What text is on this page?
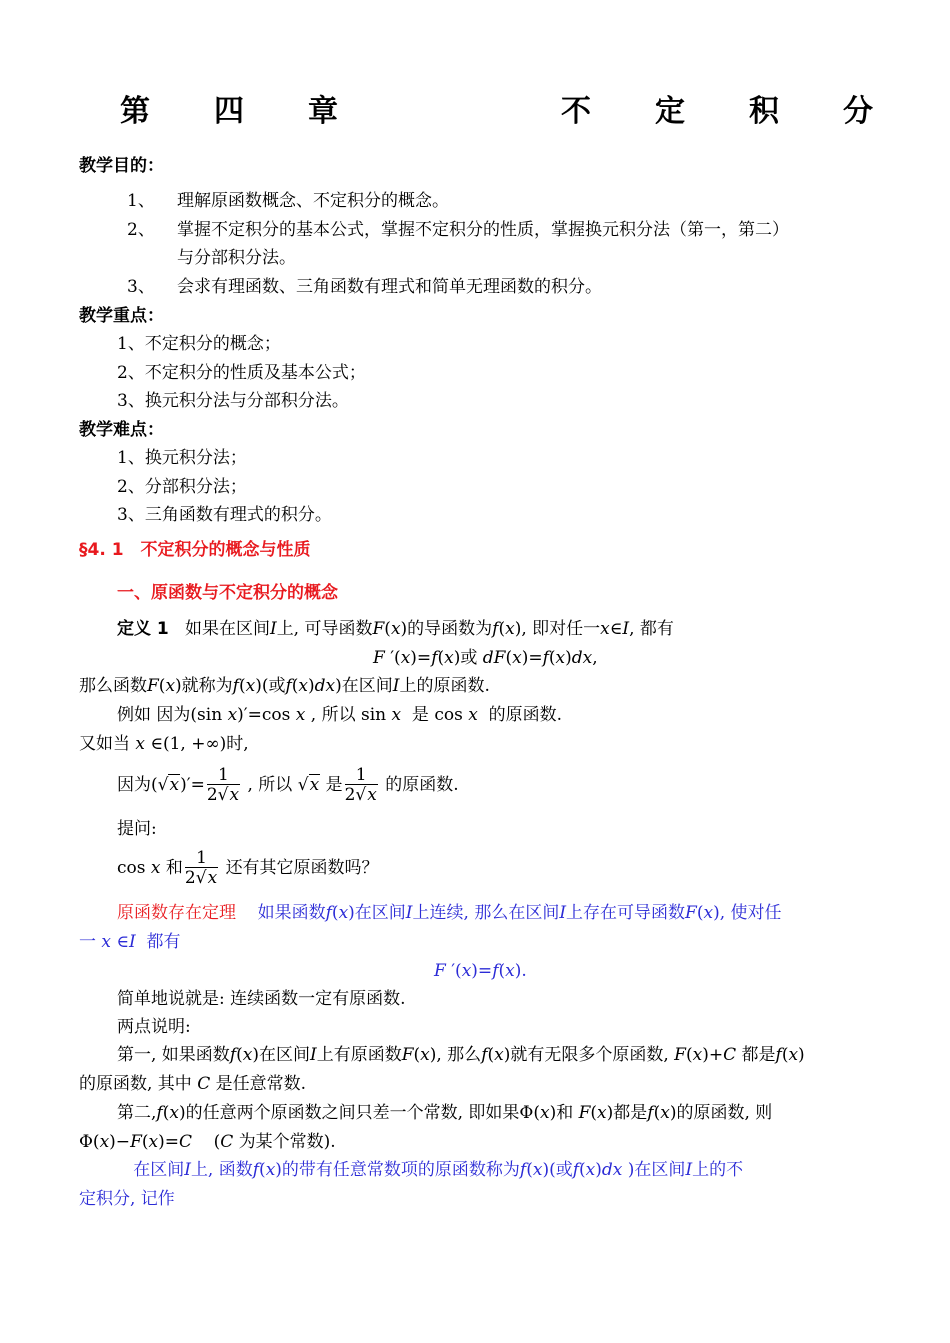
第 四 章	不 定 积 分
教学目的：
1、 理解原函数概念、不定积分的概念。
2、 掌握不定积分的基本公式，掌握不定积分的性质，掌握换元积分法（第一，第二）
与分部积分法。
3、 会求有理函数、三角函数有理式和简单无理函数的积分。
教学重点：
1、不定积分的概念；
2、不定积分的性质及基本公式；
3、换元积分法与分部积分法。
教学难点：
1、换元积分法；
2、分部积分法；
3、三角函数有理式的积分。
§4. 1　不定积分的概念与性质
一、原函数与不定积分的概念
定义 1 如果在区间I上, 可导函数F(x)的导函数为f(x), 即对任一x∈I, 都有
F ′(x)=f(x)或 dF(x)=f(x)dx,
那么函数F(x)就称为f(x)(或f(x)dx)在区间I上的原函数.
例如 因为(sin x)′=cos x , 所以 sin x 是 cos x 的原函数.
又如当 x ∈(1, +∞)时,
因为$(√x)'= \frac{1}{2√x}$ , 所以 √x 是 $\frac{1}{2√x}$ 的原函数.
提问:
cos x 和 $\frac{1}{2√x}$ 还有其它原函数吗？
原函数存在定理 如果函数f(x)在区间I上连续, 那么在区间I上存在可导函数F(x), 使对任
一 x ∈I 都有
F ′(x)=f(x).
简单地说就是: 连续函数一定有原函数.
两点说明:
第一, 如果函数f(x)在区间I上有原函数F(x), 那么f(x)就有无限多个原函数, F(x)+C 都是f(x)
的原函数, 其中 C 是任意常数.
第二,f(x)的任意两个原函数之间只差一个常数, 即如果Φ(x)和 F(x)都是f(x)的原函数, 则
Φ(x)−F(x)=C    (C 为某个常数).
在区间I上, 函数f(x)的带有任意常数项的原函数称为f(x)(或f(x)dx )在区间I上的不
定积分, 记作
